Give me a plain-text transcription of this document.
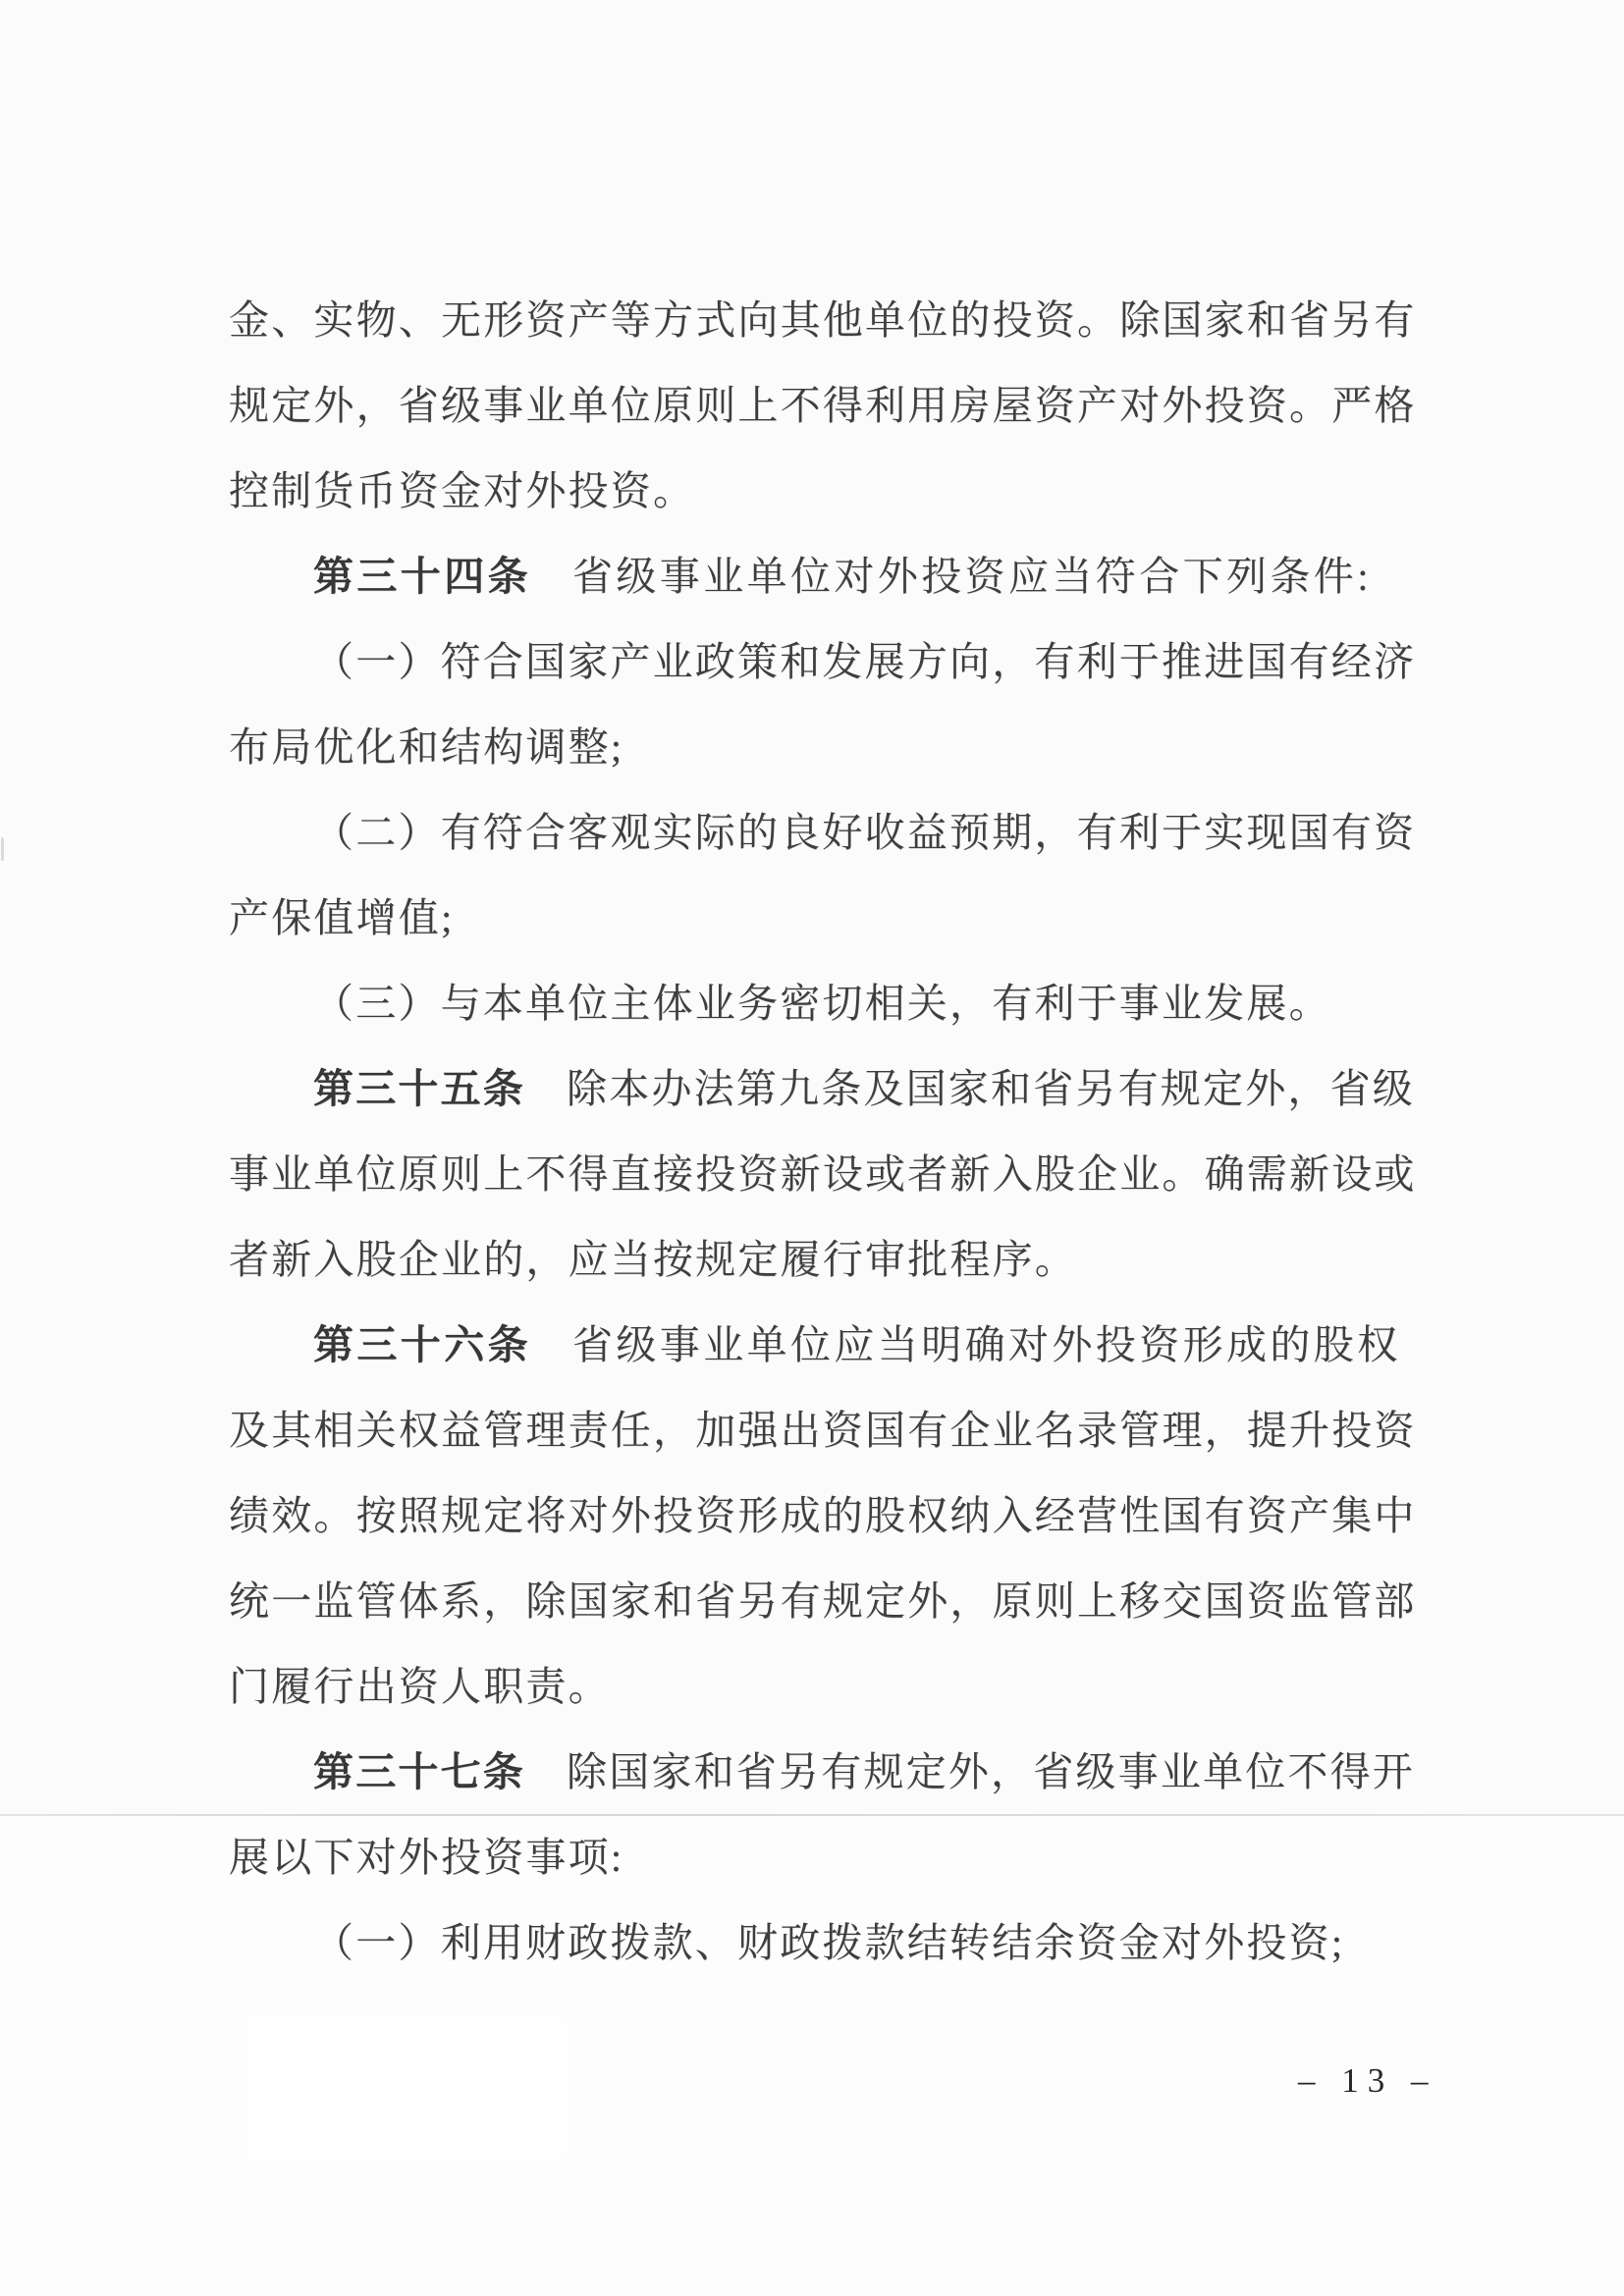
金、实物、无形资产等方式向其他单位的投资。除国家和省另有
规定外，省级事业单位原则上不得利用房屋资产对外投资。严格
控制货币资金对外投资。
第三十四条 省级事业单位对外投资应当符合下列条件:
（一）符合国家产业政策和发展方向，有利于推进国有经济
布局优化和结构调整;
（二）有符合客观实际的良好收益预期，有利于实现国有资
产保值增值;
（三）与本单位主体业务密切相关，有利于事业发展。
第三十五条 除本办法第九条及国家和省另有规定外，省级
事业单位原则上不得直接投资新设或者新入股企业。确需新设或
者新入股企业的，应当按规定履行审批程序。
第三十六条 省级事业单位应当明确对外投资形成的股权
及其相关权益管理责任，加强出资国有企业名录管理，提升投资
绩效。按照规定将对外投资形成的股权纳入经营性国有资产集中
统一监管体系，除国家和省另有规定外，原则上移交国资监管部
门履行出资人职责。
第三十七条 除国家和省另有规定外，省级事业单位不得开
展以下对外投资事项:
（一）利用财政拨款、财政拨款结转结余资金对外投资;
– 13 –
